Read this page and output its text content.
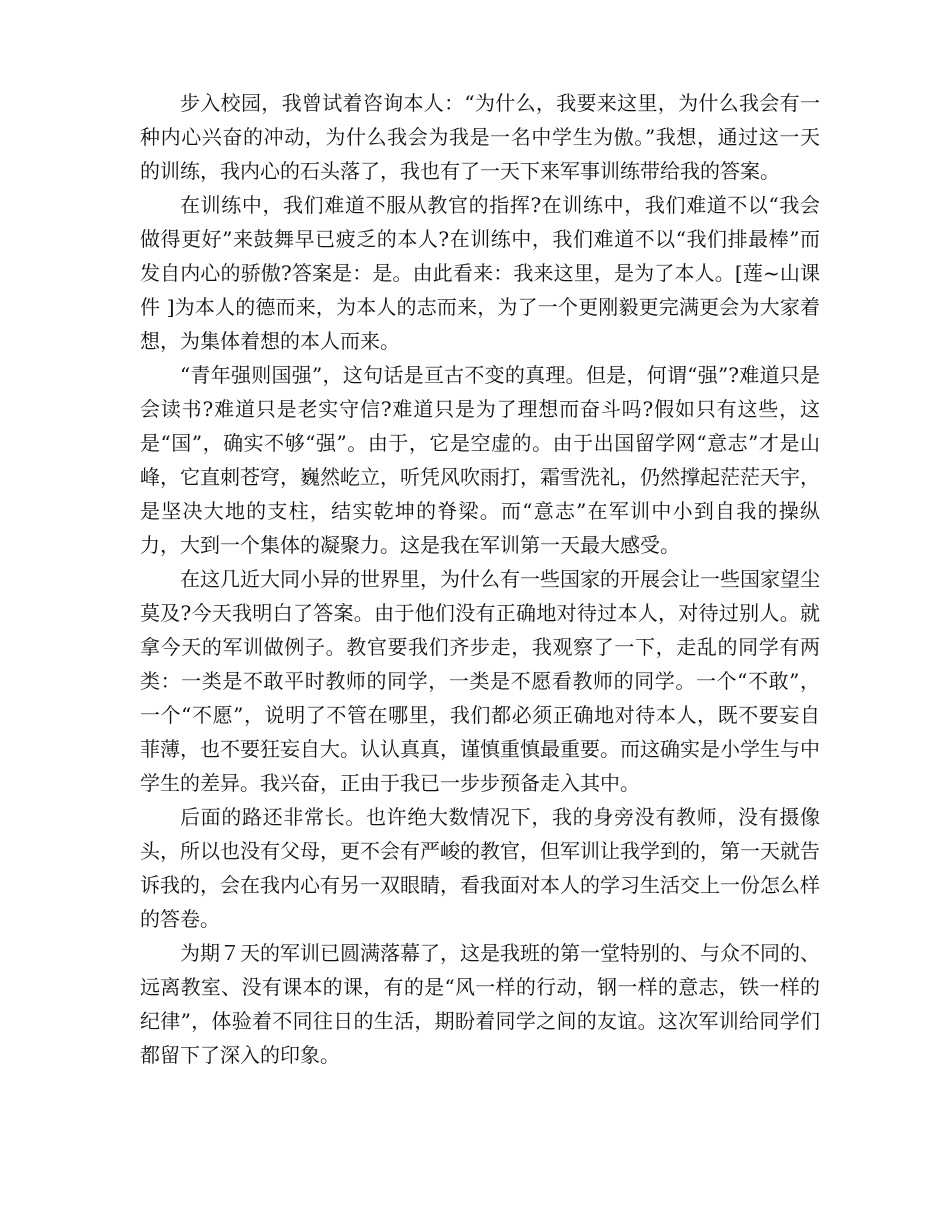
步入校园，我曾试着咨询本人：“为什么，我要来这里，为什么我会有一种内心兴奋的冲动，为什么我会为我是一名中学生为傲。”我想，通过这一天的训练，我内心的石头落了，我也有了一天下来军事训练带给我的答案。

在训练中，我们难道不服从教官的指挥?在训练中，我们难道不以“我会做得更好”来鼓舞早已疲乏的本人?在训练中，我们难道不以“我们排最棒”而发自内心的骄傲?答案是：是。由此看来：我来这里，是为了本人。[莲~山课件 ]为本人的德而来，为本人的志而来，为了一个更刚毅更完满更会为大家着想，为集体着想的本人而来。

“青年强则国强”，这句话是亘古不变的真理。但是，何谓“强”?难道只是会读书?难道只是老实守信?难道只是为了理想而奋斗吗?假如只有这些，这是“国”，确实不够“强”。由于，它是空虚的。由于出国留学网“意志”才是山峰，它直刺苍穹，巍然屹立，听凭风吹雨打，霜雪洗礼，仍然撑起茫茫天宇，是坚决大地的支柱，结实乾坤的脊梁。而“意志”在军训中小到自我的操纵力，大到一个集体的凝聚力。这是我在军训第一天最大感受。

在这几近大同小异的世界里，为什么有一些国家的开展会让一些国家望尘莫及?今天我明白了答案。由于他们没有正确地对待过本人，对待过别人。就拿今天的军训做例子。教官要我们齐步走，我观察了一下，走乱的同学有两类：一类是不敢平时教师的同学，一类是不愿看教师的同学。一个“不敢”，一个“不愿”，说明了不管在哪里，我们都必须正确地对待本人，既不要妄自菲薄，也不要狂妄自大。认认真真，谨慎重慎最重要。而这确实是小学生与中学生的差异。我兴奋，正由于我已一步步预备走入其中。

后面的路还非常长。也许绝大数情况下，我的身旁没有教师，没有摄像头，所以也没有父母，更不会有严峻的教官，但军训让我学到的，第一天就告诉我的，会在我内心有另一双眼睛，看我面对本人的学习生活交上一份怎么样的答卷。

为期７天的军训已圆满落幕了，这是我班的第一堂特别的、与众不同的、远离教室、没有课本的课，有的是“风一样的行动，钢一样的意志，铁一样的纪律”，体验着不同往日的生活，期盼着同学之间的友谊。这次军训给同学们都留下了深入的印象。
